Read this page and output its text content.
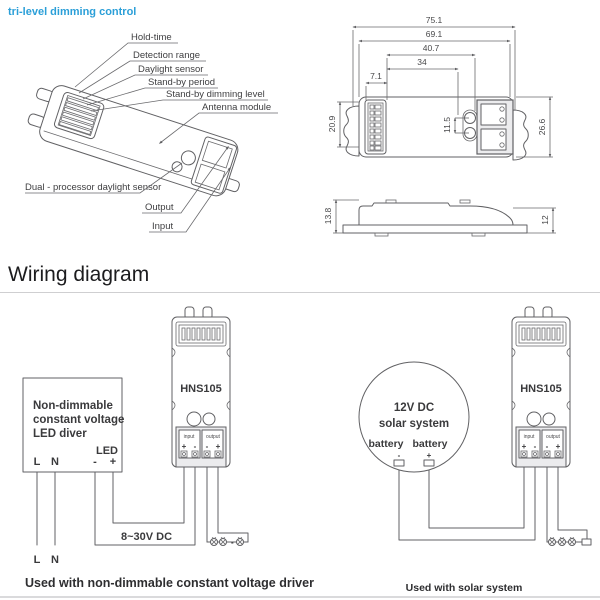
tri-level dimming control
Hold-time
Detection range
Daylight sensor
Stand-by period
Stand-by dimming level
Antenna module
Dual - processor daylight sensor
Output
Input
75.1
69.1
40.7
34
7.1
20.9	11.5	26.6
13.8	12
Wiring diagram
-
Non-dimmable
constant voltage
LED diver
LED
L N	- +
8~30V DC
L N
Used with non-dimmable constant voltage driver
12V DC
solar system
battery battery
-	+
Used with solar system
